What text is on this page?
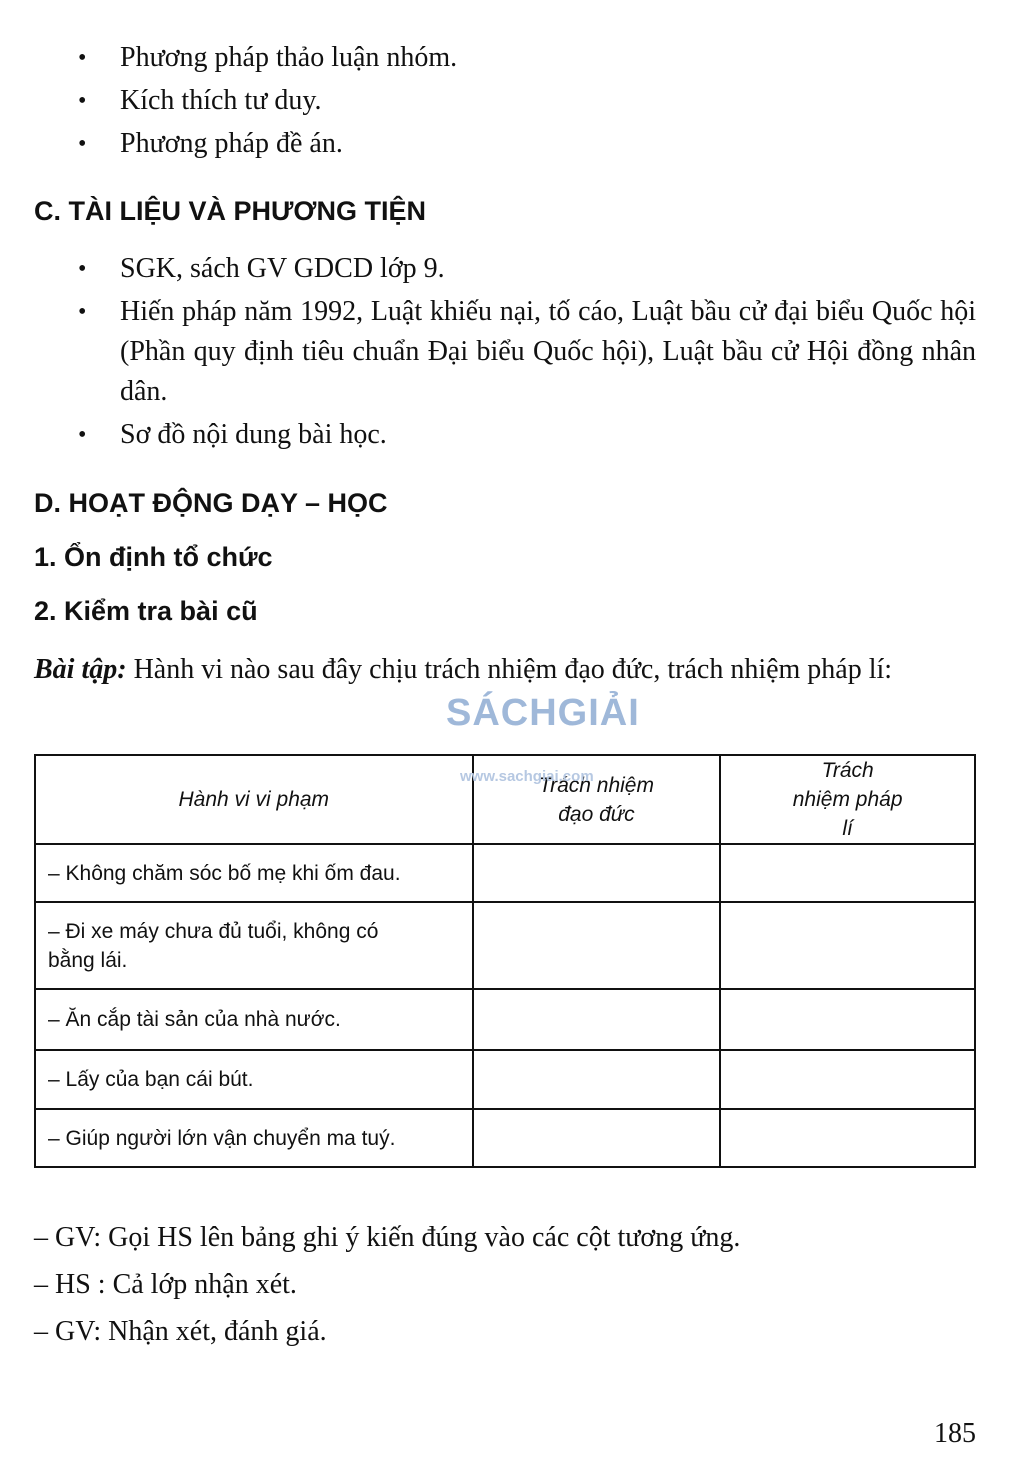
• Phương pháp thảo luận nhóm.
• Kích thích tư duy.
• Phương pháp đề án.
C. TÀI LIỆU VÀ PHƯƠNG TIỆN
• SGK, sách GV GDCD lớp 9.
• Hiến pháp năm 1992, Luật khiếu nại, tố cáo, Luật bầu cử đại biểu Quốc hội (Phần quy định tiêu chuẩn Đại biểu Quốc hội), Luật bầu cử Hội đồng nhân dân.
• Sơ đồ nội dung bài học.
D. HOẠT ĐỘNG DẠY – HỌC
1. Ổn định tổ chức
2. Kiểm tra bài cũ

Bài tập: Hành vi nào sau đây chịu trách nhiệm đạo đức, trách nhiệm pháp lí:

Hành vi vi phạm	Trách nhiệm đạo đức	Trách nhiệm pháp lí
– Không chăm sóc bố mẹ khi ốm đau.		

– Đi xe máy chưa đủ tuổi, không có bằng lái.		

– Ăn cắp tài sản của nhà nước.		
– Lấy của bạn cái bút.		
– Giúp người lớn vận chuyển ma tuý.		
SÁCHGIẢI
www.sachgiai.com

– GV: Gọi HS lên bảng ghi ý kiến đúng vào các cột tương ứng.

– HS : Cả lớp nhận xét.

– GV: Nhận xét, đánh giá.

185
